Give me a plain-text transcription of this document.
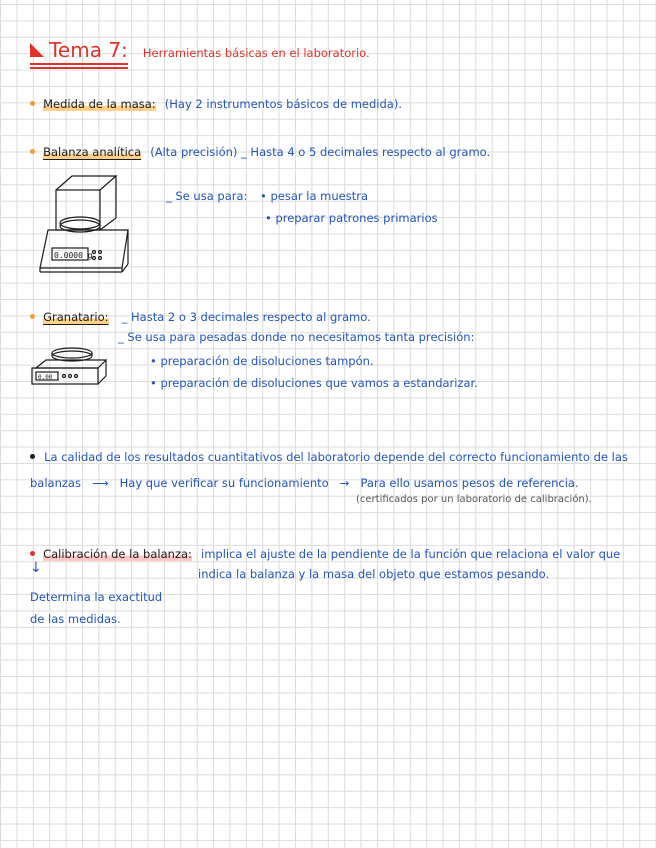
Tema 7: Herramientas básicas en el laboratorio.
Medida de la masa: (Hay 2 instrumentos básicos de medida).
Balanza analítica (Alta precisión) _ Hasta 4 o 5 decimales respecto al gramo.
0.0000 g
_ Se usa para: • pesar la muestra
• preparar patrones primarios
Granatario: _ Hasta 2 o 3 decimales respecto al gramo.
_ Se usa para pesadas donde no necesitamos tanta precisión:
• preparación de disoluciones tampón.
• preparación de disoluciones que vamos a estandarizar.
0.00
La calidad de los resultados cuantitativos del laboratorio depende del correcto funcionamiento de las
balanzas ⟶ Hay que verificar su funcionamiento → Para ello usamos pesos de referencia.
(certificados por un laboratorio de calibración).
Calibración de la balanza: implica el ajuste de la pendiente de la función que relaciona el valor que
↓	indica la balanza y la masa del objeto que estamos pesando.
Determina la exactitud
de las medidas.
